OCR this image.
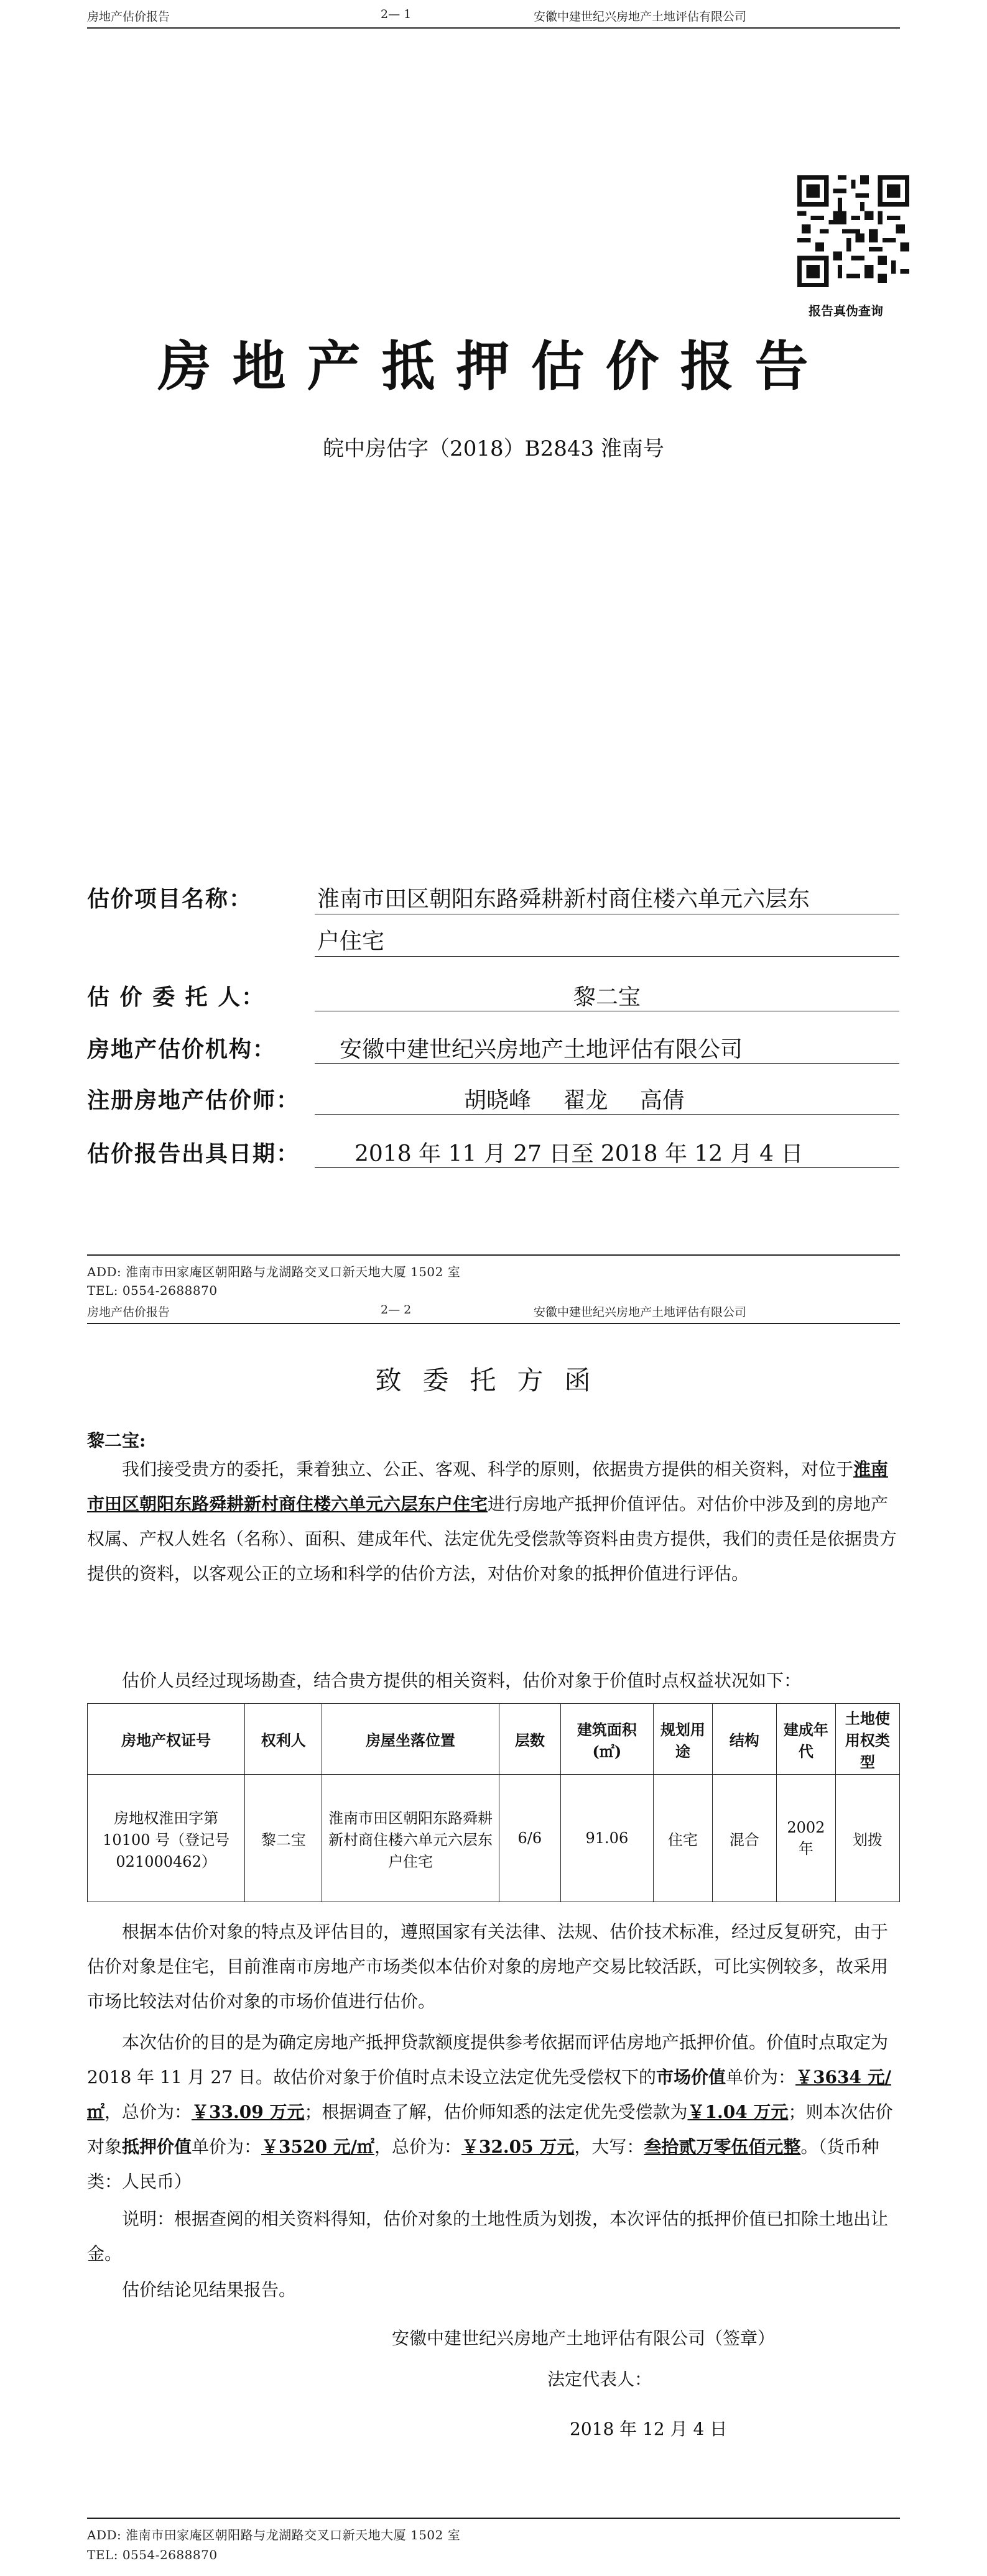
房地产估价报告	2— 1	安徽中建世纪兴房地产土地评估有限公司
报告真伪查询
房地产抵押估价报告
皖中房估字（2018）B2843 淮南号
估价项目名称：	淮南市田区朝阳东路舜耕新村商住楼六单元六层东
户住宅
估 价 委 托 人：	黎二宝
房地产估价机构：	安徽中建世纪兴房地产土地评估有限公司
注册房地产估价师：	胡晓峰 翟龙 高倩
估价报告出具日期： 2018 年 11 月 27 日至 2018 年 12 月 4 日
ADD: 淮南市田家庵区朝阳路与龙湖路交叉口新天地大厦 1502 室
TEL: 0554-2688870
房地产估价报告	2— 2	安徽中建世纪兴房地产土地评估有限公司
致委托方函
黎二宝:

我们接受贵方的委托，秉着独立、公正、客观、科学的原则，依据贵方提供的相关资料，对位于淮南市田区朝阳东路舜耕新村商住楼六单元六层东户住宅进行房地产抵押价值评估。对估价中涉及到的房地产权属、产权人姓名（名称）、面积、建成年代、法定优先受偿款等资料由贵方提供，我们的责任是依据贵方提供的资料，以客观公正的立场和科学的估价方法，对估价对象的抵押价值进行评估。

估价人员经过现场勘查，结合贵方提供的相关资料，估价对象于价值时点权益状况如下：

房地产权证号	权利人	房屋坐落位置	层数	建筑面积(㎡)	规划用途	结构	建成年代	土地使用权类型
房地权淮田字第10100 号（登记号021000462）	黎二宝	淮南市田区朝阳东路舜耕新村商住楼六单元六层东户住宅	6/6	91.06	住宅	混合	2002 年	划拨

根据本估价对象的特点及评估目的，遵照国家有关法律、法规、估价技术标准，经过反复研究，由于估价对象是住宅，目前淮南市房地产市场类似本估价对象的房地产交易比较活跃，可比实例较多，故采用市场比较法对估价对象的市场价值进行估价。

本次估价的目的是为确定房地产抵押贷款额度提供参考依据而评估房地产抵押价值。价值时点取定为 2018 年 11 月 27 日。故估价对象于价值时点未设立法定优先受偿权下的市场价值单价为：￥3634 元/㎡，总价为：￥33.09 万元；根据调查了解，估价师知悉的法定优先受偿款为￥1.04 万元；则本次估价对象抵押价值单价为：￥3520 元/㎡，总价为：￥32.05 万元，大写：叁拾贰万零伍佰元整。（货币种类：人民币）

说明：根据查阅的相关资料得知，估价对象的土地性质为划拨，本次评估的抵押价值已扣除土地出让金。

估价结论见结果报告。

安徽中建世纪兴房地产土地评估有限公司（签章）
法定代表人：
2018 年 12 月 4 日
ADD: 淮南市田家庵区朝阳路与龙湖路交叉口新天地大厦 1502 室
TEL: 0554-2688870
